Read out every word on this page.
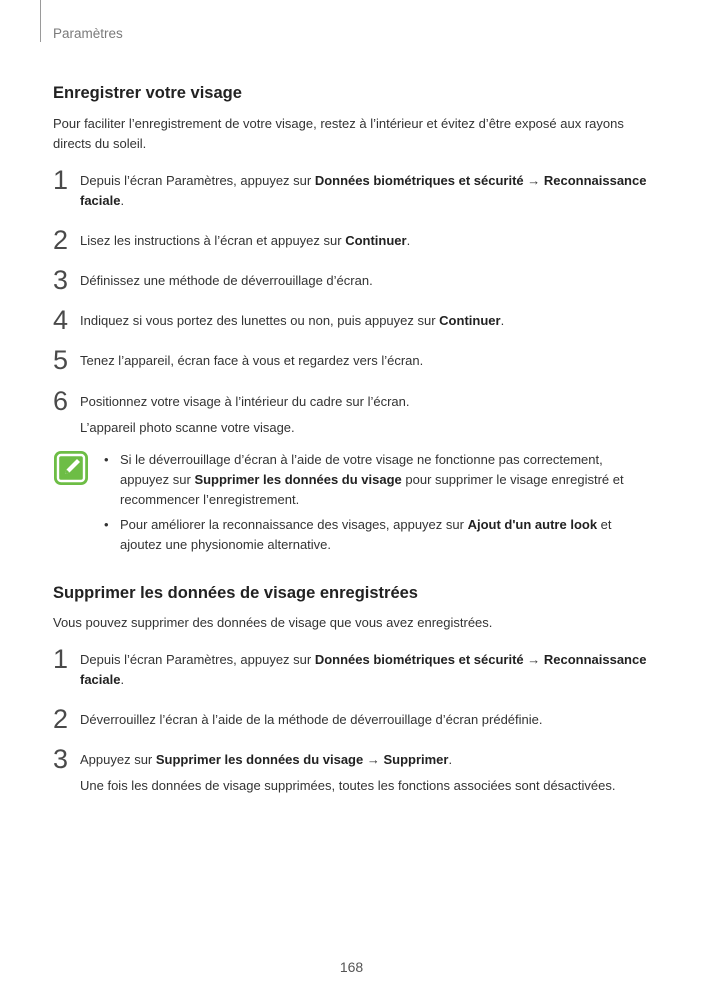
Paramètres
Enregistrer votre visage
Pour faciliter l’enregistrement de votre visage, restez à l’intérieur et évitez d’être exposé aux rayons directs du soleil.
1 Depuis l’écran Paramètres, appuyez sur Données biométriques et sécurité → Reconnaissance faciale.
2 Lisez les instructions à l’écran et appuyez sur Continuer.
3 Définissez une méthode de déverrouillage d’écran.
4 Indiquez si vous portez des lunettes ou non, puis appuyez sur Continuer.
5 Tenez l’appareil, écran face à vous et regardez vers l’écran.
6 Positionnez votre visage à l’intérieur du cadre sur l’écran.
L’appareil photo scanne votre visage.
• Si le déverrouillage d’écran à l’aide de votre visage ne fonctionne pas correctement, appuyez sur Supprimer les données du visage pour supprimer le visage enregistré et recommencer l’enregistrement.
• Pour améliorer la reconnaissance des visages, appuyez sur Ajout d'un autre look et ajoutez une physionomie alternative.
Supprimer les données de visage enregistrées
Vous pouvez supprimer des données de visage que vous avez enregistrées.
1 Depuis l’écran Paramètres, appuyez sur Données biométriques et sécurité → Reconnaissance faciale.
2 Déverrouillez l’écran à l’aide de la méthode de déverrouillage d’écran prédéfinie.
3 Appuyez sur Supprimer les données du visage → Supprimer.
Une fois les données de visage supprimées, toutes les fonctions associées sont désactivées.
168
